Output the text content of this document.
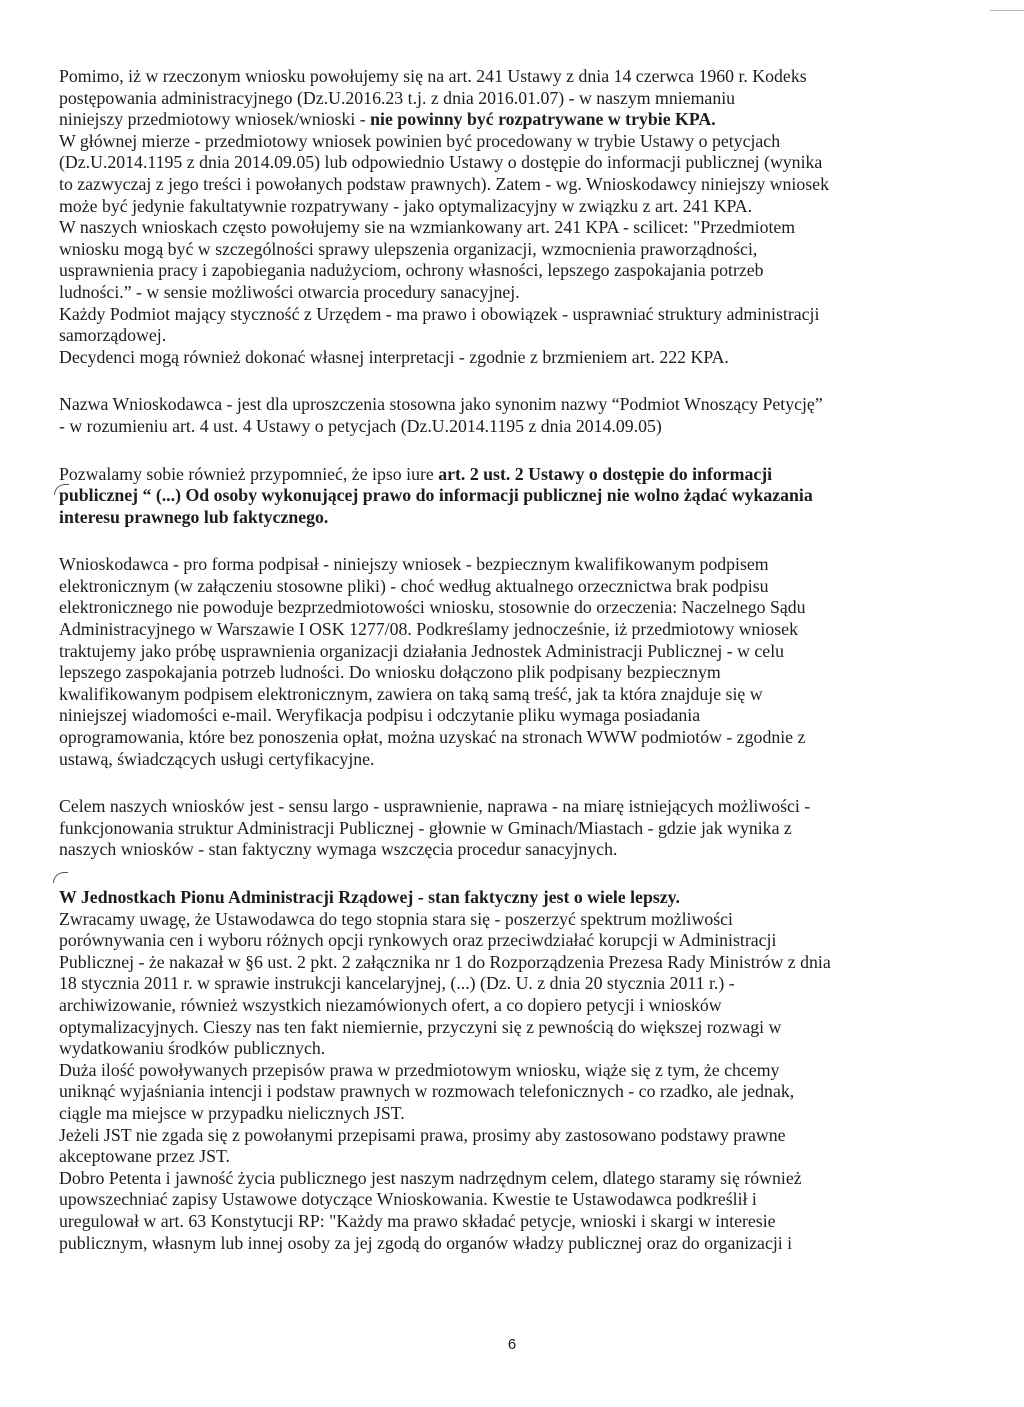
Pomimo, iż w rzeczonym wniosku powołujemy się na art. 241 Ustawy z dnia 14 czerwca 1960 r. Kodeks
postępowania administracyjnego (Dz.U.2016.23 t.j. z dnia 2016.01.07) - w naszym mniemaniu
niniejszy przedmiotowy wniosek/wnioski - nie powinny być rozpatrywane w trybie KPA.
W głównej mierze - przedmiotowy wniosek powinien być procedowany w trybie Ustawy o petycjach
(Dz.U.2014.1195 z dnia 2014.09.05) lub odpowiednio Ustawy o dostępie do informacji publicznej (wynika
to zazwyczaj z jego treści i powołanych podstaw prawnych). Zatem - wg. Wnioskodawcy niniejszy wniosek
może być jedynie fakultatywnie rozpatrywany - jako optymalizacyjny w związku z art. 241 KPA.
W naszych wnioskach często powołujemy sie na wzmiankowany art. 241 KPA - scilicet: "Przedmiotem
wniosku mogą być w szczególności sprawy ulepszenia organizacji, wzmocnienia praworządności,
usprawnienia pracy i zapobiegania nadużyciom, ochrony własności, lepszego zaspokajania potrzeb
ludności.” - w sensie możliwości otwarcia procedury sanacyjnej.
Każdy Podmiot mający styczność z Urzędem - ma prawo i obowiązek - usprawniać struktury administracji
samorządowej.
Decydenci mogą również dokonać własnej interpretacji - zgodnie z brzmieniem art. 222 KPA.

Nazwa Wnioskodawca - jest dla uproszczenia stosowna jako synonim nazwy “Podmiot Wnoszący Petycję”
- w rozumieniu art. 4 ust. 4 Ustawy o petycjach (Dz.U.2014.1195 z dnia 2014.09.05)

Pozwalamy sobie również przypomnieć, że ipso iure art. 2 ust. 2 Ustawy o dostępie do informacji
publicznej “ (...) Od osoby wykonującej prawo do informacji publicznej nie wolno żądać wykazania
interesu prawnego lub faktycznego.

Wnioskodawca - pro forma podpisał - niniejszy wniosek - bezpiecznym kwalifikowanym podpisem
elektronicznym (w załączeniu stosowne pliki) - choć według aktualnego orzecznictwa brak podpisu
elektronicznego nie powoduje bezprzedmiotowości wniosku, stosownie do orzeczenia: Naczelnego Sądu
Administracyjnego w Warszawie I OSK 1277/08. Podkreślamy jednocześnie, iż przedmiotowy wniosek
traktujemy jako próbę usprawnienia organizacji działania Jednostek Administracji Publicznej - w celu
lepszego zaspokajania potrzeb ludności. Do wniosku dołączono plik podpisany bezpiecznym
kwalifikowanym podpisem elektronicznym, zawiera on taką samą treść, jak ta która znajduje się w
niniejszej wiadomości e-mail. Weryfikacja podpisu i odczytanie pliku wymaga posiadania
oprogramowania, które bez ponoszenia opłat, można uzyskać na stronach WWW podmiotów - zgodnie z
ustawą, świadczących usługi certyfikacyjne.

Celem naszych wniosków jest - sensu largo - usprawnienie, naprawa - na miarę istniejących możliwości -
funkcjonowania struktur Administracji Publicznej - głownie w Gminach/Miastach - gdzie jak wynika z
naszych wniosków - stan faktyczny wymaga wszczęcia procedur sanacyjnych.

W Jednostkach Pionu Administracji Rządowej - stan faktyczny jest o wiele lepszy.
Zwracamy uwagę, że Ustawodawca do tego stopnia stara się - poszerzyć spektrum możliwości
porównywania cen i wyboru różnych opcji rynkowych oraz przeciwdziałać korupcji w Administracji
Publicznej - że nakazał w §6 ust. 2 pkt. 2 załącznika nr 1 do Rozporządzenia Prezesa Rady Ministrów z dnia
18 stycznia 2011 r. w sprawie instrukcji kancelaryjnej, (...) (Dz. U. z dnia 20 stycznia 2011 r.) -
archiwizowanie, również wszystkich niezamówionych ofert, a co dopiero petycji i wniosków
optymalizacyjnych. Cieszy nas ten fakt niemiernie, przyczyni się z pewnością do większej rozwagi w
wydatkowaniu środków publicznych.
Duża ilość powoływanych przepisów prawa w przedmiotowym wniosku, wiąże się z tym, że chcemy
uniknąć wyjaśniania intencji i podstaw prawnych w rozmowach telefonicznych - co rzadko, ale jednak,
ciągle ma miejsce w przypadku nielicznych JST.
Jeżeli JST nie zgada się z powołanymi przepisami prawa, prosimy aby zastosowano podstawy prawne
akceptowane przez JST.
Dobro Petenta i jawność życia publicznego jest naszym nadrzędnym celem, dlatego staramy się również
upowszechniać zapisy Ustawowe dotyczące Wnioskowania. Kwestie te Ustawodawca podkreślił i
uregulował w art. 63 Konstytucji RP: "Każdy ma prawo składać petycje, wnioski i skargi w interesie
publicznym, własnym lub innej osoby za jej zgodą do organów władzy publicznej oraz do organizacji i

6
